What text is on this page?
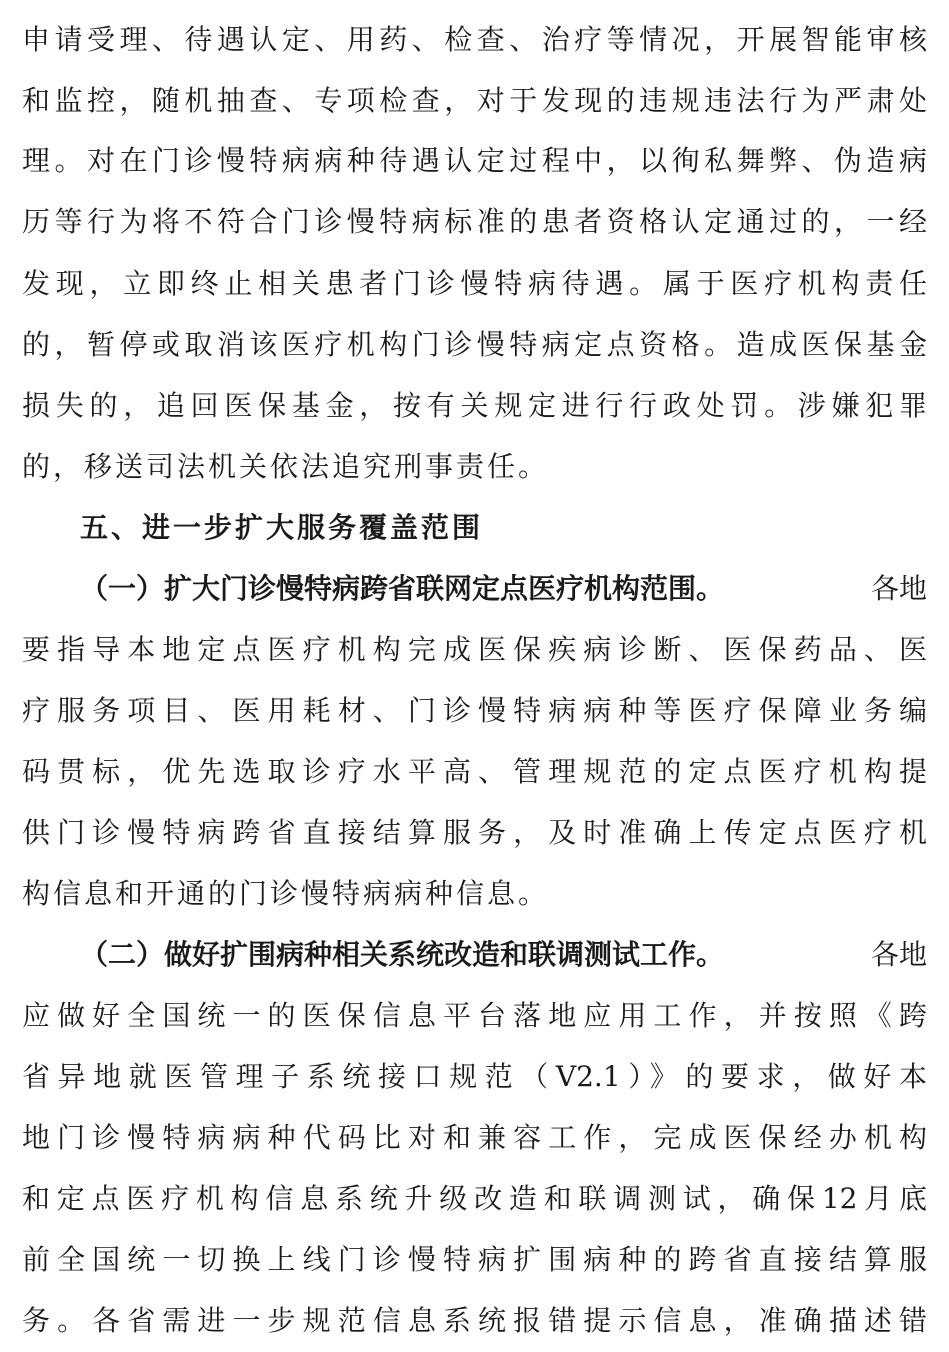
申请受理、待遇认定、用药、检查、治疗等情况，开展智能审核
和监控，随机抽查、专项检查，对于发现的违规违法行为严肃处
理。对在门诊慢特病病种待遇认定过程中，以徇私舞弊、伪造病
历等行为将不符合门诊慢特病标准的患者资格认定通过的，一经
发现，立即终止相关患者门诊慢特病待遇。属于医疗机构责任
的，暂停或取消该医疗机构门诊慢特病定点资格。造成医保基金
损失的，追回医保基金，按有关规定进行行政处罚。涉嫌犯罪
的，移送司法机关依法追究刑事责任。
五、进一步扩大服务覆盖范围
（一）扩大门诊慢特病跨省联网定点医疗机构范围。	各地
要指导本地定点医疗机构完成医保疾病诊断、医保药品、医
疗服务项目、医用耗材、门诊慢特病病种等医疗保障业务编
码贯标，优先选取诊疗水平高、管理规范的定点医疗机构提
供门诊慢特病跨省直接结算服务，及时准确上传定点医疗机
构信息和开通的门诊慢特病病种信息。
（二）做好扩围病种相关系统改造和联调测试工作。	各地
应做好全国统一的医保信息平台落地应用工作，并按照《跨
省异地就医管理子系统接口规范（V2.1）》的要求，做好本
地门诊慢特病病种代码比对和兼容工作，完成医保经办机构
和定点医疗机构信息系统升级改造和联调测试，确保12月底
前全国统一切换上线门诊慢特病扩围病种的跨省直接结算服
务。各省需进一步规范信息系统报错提示信息，准确描述错
